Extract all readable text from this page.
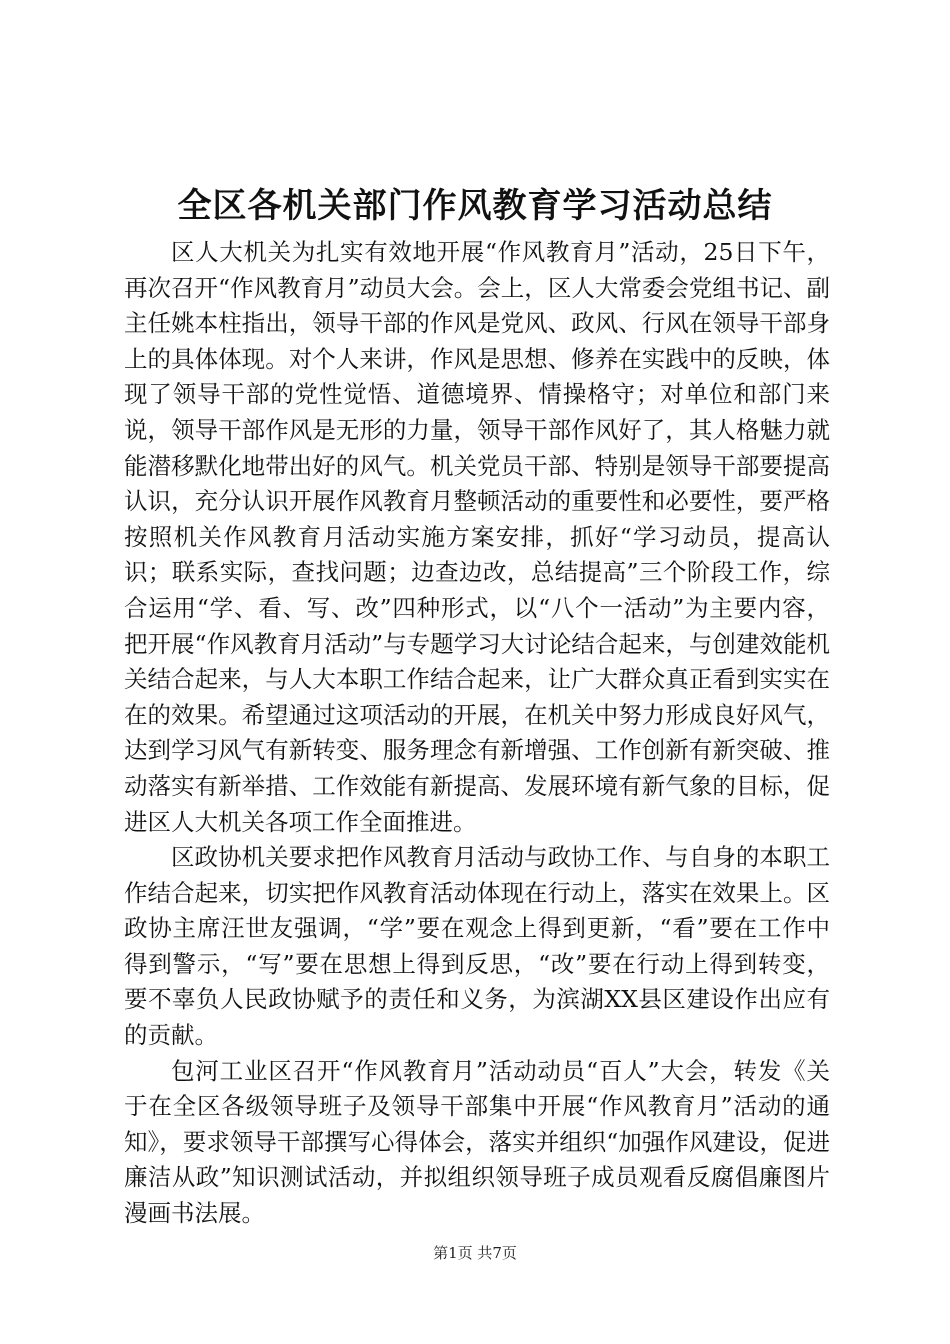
全区各机关部门作风教育学习活动总结

区人大机关为扎实有效地开展“作风教育月”活动，25日下午，再次召开“作风教育月”动员大会。会上，区人大常委会党组书记、副主任姚本柱指出，领导干部的作风是党风、政风、行风在领导干部身上的具体体现。对个人来讲，作风是思想、修养在实践中的反映，体现了领导干部的党性觉悟、道德境界、情操格守；对单位和部门来说，领导干部作风是无形的力量，领导干部作风好了，其人格魅力就能潜移默化地带出好的风气。机关党员干部、特别是领导干部要提高认识，充分认识开展作风教育月整顿活动的重要性和必要性，要严格按照机关作风教育月活动实施方案安排，抓好“学习动员，提高认识；联系实际，查找问题；边查边改，总结提高”三个阶段工作，综合运用“学、看、写、改”四种形式，以“八个一活动”为主要内容，把开展“作风教育月活动”与专题学习大讨论结合起来，与创建效能机关结合起来，与人大本职工作结合起来，让广大群众真正看到实实在在的效果。希望通过这项活动的开展，在机关中努力形成良好风气，达到学习风气有新转变、服务理念有新增强、工作创新有新突破、推动落实有新举措、工作效能有新提高、发展环境有新气象的目标，促进区人大机关各项工作全面推进。

区政协机关要求把作风教育月活动与政协工作、与自身的本职工作结合起来，切实把作风教育活动体现在行动上，落实在效果上。区政协主席汪世友强调，“学”要在观念上得到更新，“看”要在工作中得到警示，“写”要在思想上得到反思，“改”要在行动上得到转变，要不辜负人民政协赋予的责任和义务，为滨湖XX县区建设作出应有的贡献。

包河工业区召开“作风教育月”活动动员“百人”大会，转发《关于在全区各级领导班子及领导干部集中开展“作风教育月”活动的通知》，要求领导干部撰写心得体会，落实并组织“加强作风建设，促进廉洁从政”知识测试活动，并拟组织领导班子成员观看反腐倡廉图片漫画书法展。

第1页 共7页
